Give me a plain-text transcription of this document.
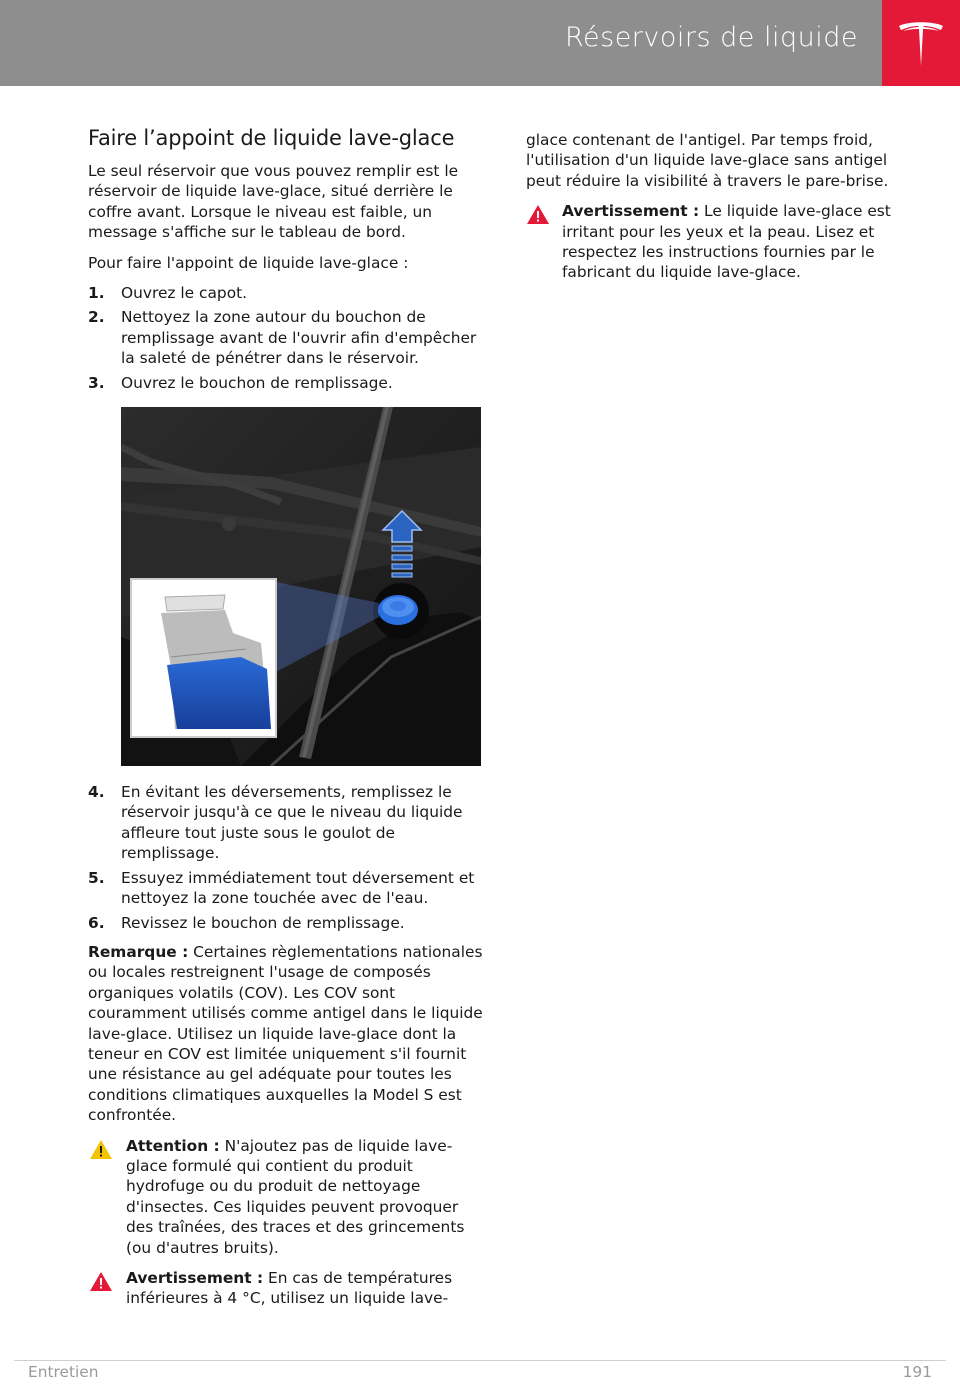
Réservoirs de liquide
Faire l’appoint de liquide lave-glace

Le seul réservoir que vous pouvez remplir est le réservoir de liquide lave-glace, situé derrière le coffre avant. Lorsque le niveau est faible, un message s'affiche sur le tableau de bord.

Pour faire l'appoint de liquide lave-glace :

1.	Ouvrez le capot.
2.	Nettoyez la zone autour du bouchon de remplissage avant de l'ouvrir afin d'empêcher la saleté de pénétrer dans le réservoir.
3.	Ouvrez le bouchon de remplissage.
4.	En évitant les déversements, remplissez le réservoir jusqu'à ce que le niveau du liquide affleure tout juste sous le goulot de remplissage.
5.	Essuyez immédiatement tout déversement et nettoyez la zone touchée avec de l'eau.
6.	Revissez le bouchon de remplissage.

Remarque : Certaines règlementations nationales ou locales restreignent l'usage de composés organiques volatils (COV). Les COV sont couramment utilisés comme antigel dans le liquide lave-glace. Utilisez un liquide lave-glace dont la teneur en COV est limitée uniquement s'il fournit une résistance au gel adéquate pour toutes les conditions climatiques auxquelles la Model S est confrontée.

Attention : N'ajoutez pas de liquide lave-glace formulé qui contient du produit hydrofuge ou du produit de nettoyage d'insectes. Ces liquides peuvent provoquer des traînées, des traces et des grincements (ou d'autres bruits).
Avertissement : En cas de températures inférieures à 4 °C, utilisez un liquide lave-

glace contenant de l'antigel. Par temps froid, l'utilisation d'un liquide lave-glace sans antigel peut réduire la visibilité à travers le pare-brise.

Avertissement : Le liquide lave-glace est irritant pour les yeux et la peau. Lisez et respectez les instructions fournies par le fabricant du liquide lave-glace.
Entretien	191
